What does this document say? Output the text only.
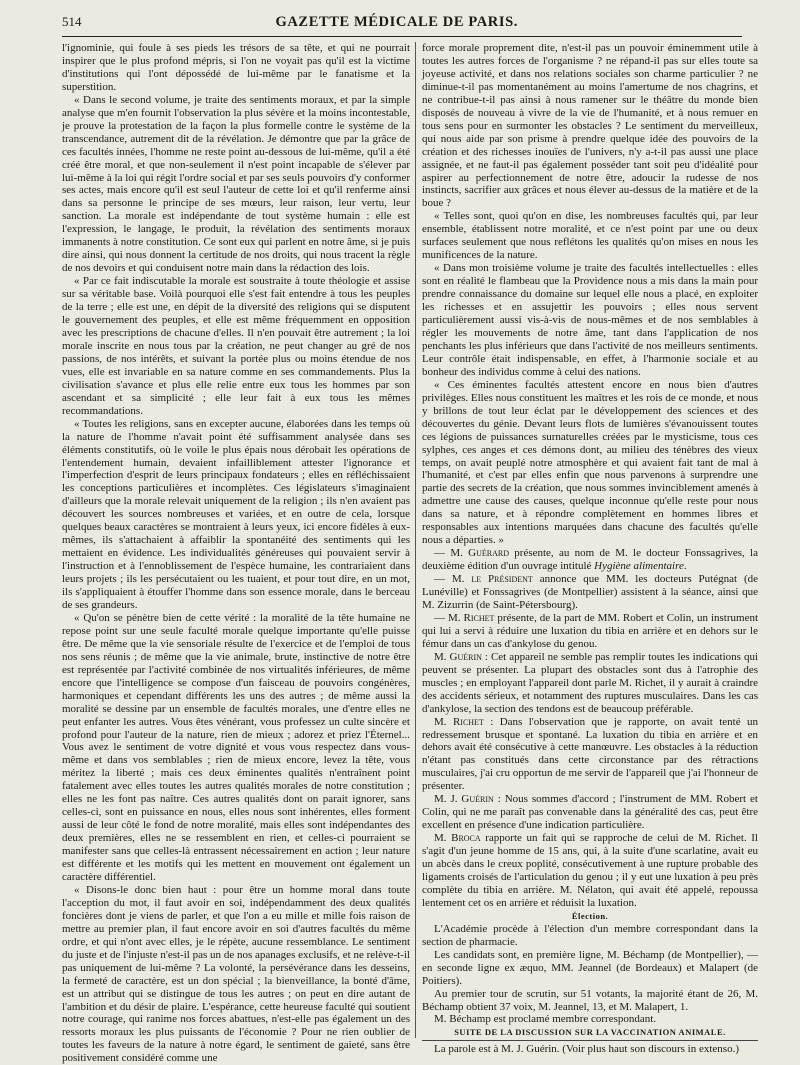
514	GAZETTE MÉDICALE DE PARIS.

l'ignominie, qui foule à ses pieds les trésors de sa tête, et qui ne pourrait inspirer que le plus profond mépris, si l'on ne voyait pas qu'il est la victime d'institutions qui l'ont dépossédé de lui-même par le fanatisme et la superstition.

« Dans le second volume, je traite des sentiments moraux, et par la simple analyse que m'en fournit l'observation la plus sévère et la moins incontestable, je prouve la protestation de la façon la plus formelle contre le système de la transcendance, autrement dit de la révélation. Je démontre que par la grâce de ces facultés innées, l'homme ne reste point au-dessous de lui-même, qu'il a été créé être moral, et que non-seulement il n'est point incapable de s'élever par lui-même à la loi qui régit l'ordre social et par ses seuls pouvoirs d'y conformer ses actes, mais encore qu'il est seul l'auteur de cette loi et qu'il renferme ainsi dans sa personne le principe de ses mœurs, leur raison, leur vertu, leur sanction. La morale est indépendante de tout système humain : elle est l'expression, le langage, le produit, la révélation des sentiments moraux immanents à notre constitution. Ce sont eux qui parlent en notre âme, si je puis dire ainsi, qui nous donnent la certitude de nos droits, qui nous tracent la règle de nos devoirs et qui conduisent notre main dans la rédaction des lois.

« Par ce fait indiscutable la morale est soustraite à toute théologie et assise sur sa véritable base. Voilà pourquoi elle s'est fait entendre à tous les peuples de la terre ; elle est une, en dépit de la diversité des religions qui se disputent le gouvernement des peuples, et elle est même fréquemment en opposition avec les prescriptions de chacune d'elles. Il n'en pouvait être autrement ; la loi morale inscrite en nous tous par la création, ne peut changer au gré de nos passions, de nos intérêts, et suivant la portée plus ou moins étendue de nos vues, elle est invariable en sa nature comme en ses commandements. Plus la civilisation s'avance et plus elle relie entre eux tous les hommes par son ascendant et sa simplicité ; elle leur fait à eux tous les mêmes recommandations.

« Toutes les religions, sans en excepter aucune, élaborées dans les temps où la nature de l'homme n'avait point été suffisamment analysée dans ses éléments constitutifs, où le voile le plus épais nous dérobait les opérations de l'entendement humain, devaient infailliblement attester l'ignorance et l'imperfection d'esprit de leurs principaux fondateurs ; elles en réfléchissaient les conceptions particulières et incomplètes. Ces législateurs s'imaginaient d'ailleurs que la morale relevait uniquement de la religion ; ils n'en avaient pas découvert les sources nombreuses et variées, et en outre de cela, lorsque quelques beaux caractères se montraient à leurs yeux, ici encore fidèles à eux-mêmes, ils s'attachaient à affaiblir la spontanéité des sentiments qui les mettaient en évidence. Les individualités généreuses qui pouvaient servir à l'instruction et à l'ennoblissement de l'espèce humaine, les contrariaient dans leurs projets ; ils les persécutaient ou les tuaient, et pour tout dire, en un mot, ils s'appliquaient à étouffer l'homme dans son essence morale, dans le berceau de ses grandeurs.

« Qu'on se pénètre bien de cette vérité : la moralité de la tête humaine ne repose point sur une seule faculté morale quelque importante qu'elle puisse être. De même que la vie sensoriale résulte de l'exercice et de l'emploi de tous nos sens réunis ; de même que la vie animale, brute, instinctive de notre être est représentée par l'activité combinée de nos virtualités inférieures, de même encore que l'intelligence se compose d'un faisceau de pouvoirs congénères, harmoniques et cependant différents les uns des autres ; de même aussi la moralité se dessine par un ensemble de facultés morales, une d'entre elles ne peut enfanter les autres. Vous êtes vénérant, vous professez un culte sincère et profond pour l'auteur de la nature, rien de mieux ; adorez et priez l'Éternel... Vous avez le sentiment de votre dignité et vous vous respectez dans vous-même et dans vos semblables ; rien de mieux encore, levez la tête, vous méritez la liberté ; mais ces deux éminentes qualités n'entraînent point fatalement avec elles toutes les autres qualités morales de notre constitution ; elles ne les font pas naître. Ces autres qualités dont on parait ignorer, sans celles-ci, sont en puissance en nous, elles nous sont inhérentes, elles forment aussi de leur côté le fond de notre moralité, mais elles sont indépendantes des deux premières, elles ne se ressemblent en rien, et celles-ci pourraient se manifester sans que celles-là entrassent nécessairement en action ; leur nature est différente et les motifs qui les mettent en mouvement ont également un caractère différentiel.

« Disons-le donc bien haut : pour être un homme moral dans toute l'acception du mot, il faut avoir en soi, indépendamment des deux qualités foncières dont je viens de parler, et que l'on a eu mille et mille fois raison de mettre au premier plan, il faut encore avoir en soi d'autres facultés du même ordre, et qui n'ont avec elles, je le répète, aucune ressemblance. Le sentiment du juste et de l'injuste n'est-il pas un de nos apanages exclusifs, et ne relève-t-il pas uniquement de lui-même ? La volonté, la persévérance dans les desseins, la fermeté de caractère, est un don spécial ; la bienveillance, la bonté d'âme, est un attribut qui se distingue de tous les autres ; on peut en dire autant de l'ambition et du désir de plaire. L'espérance, cette heureuse faculté qui soutient notre courage, qui ranime nos forces abattues, n'est-elle pas également un des ressorts moraux les plus puissants de l'économie ? Pour ne rien oublier de toutes les faveurs de la nature à notre égard, le sentiment de gaieté, sans être positivement considéré comme une

force morale proprement dite, n'est-il pas un pouvoir éminemment utile à toutes les autres forces de l'organisme ? ne répand-il pas sur elles toute sa joyeuse activité, et dans nos relations sociales son charme particulier ? ne diminue-t-il pas momentanément au moins l'amertume de nos chagrins, et ne contribue-t-il pas ainsi à nous ramener sur le théâtre du monde bien disposés de nouveau à vivre de la vie de l'humanité, et à nous remuer en tous sens pour en surmonter les obstacles ? Le sentiment du merveilleux, qui nous aide par son prisme à prendre quelque idée des pouvoirs de la création et des richesses inouïes de l'univers, n'y a-t-il pas aussi une place assignée, et ne faut-il pas également posséder tant soit peu d'idéalité pour aspirer au perfectionnement de notre être, adoucir la rudesse de nos instincts, sacrifier aux grâces et nous élever au-dessus de la matière et de la boue ?

« Telles sont, quoi qu'on en dise, les nombreuses facultés qui, par leur ensemble, établissent notre moralité, et ce n'est point par une ou deux surfaces seulement que nous reflétons les qualités qu'on mises en nous les munificences de la nature.

« Dans mon troisième volume je traite des facultés intellectuelles : elles sont en réalité le flambeau que la Providence nous a mis dans la main pour prendre connaissance du domaine sur lequel elle nous a placé, en exploiter les richesses et en assujettir les pouvoirs ; elles nous servent particulièrement aussi vis-à-vis de nous-mêmes et de nos semblables à régler les mouvements de notre âme, tant dans l'application de nos penchants les plus inférieurs que dans l'activité de nos meilleurs sentiments. Leur contrôle était indispensable, en effet, à l'harmonie sociale et au bonheur des individus comme à celui des nations.

« Ces éminentes facultés attestent encore en nous bien d'autres privilèges. Elles nous constituent les maîtres et les rois de ce monde, et nous y brillons de tout leur éclat par le développement des sciences et des découvertes du génie. Devant leurs flots de lumières s'évanouissent toutes ces légions de puissances surnaturelles créées par le mysticisme, tous ces sylphes, ces anges et ces démons dont, au milieu des ténèbres des vieux temps, on avait peuplé notre atmosphère et qui avaient fait tant de mal à l'humanité, et c'est par elles enfin que nous parvenons à surprendre une partie des secrets de la création, que nous sommes invinciblement amenés à admettre une cause des causes, quelque inconnue qu'elle reste pour nous dans sa nature, et à répondre complètement en hommes libres et responsables aux intentions marquées dans chacune des facultés qu'elle nous a départies. »

— M. Guérard présente, au nom de M. le docteur Fonssagrives, la deuxième édition d'un ouvrage intitulé Hygiène alimentaire.

— M. le Président annonce que MM. les docteurs Putégnat (de Lunéville) et Fonssagrives (de Montpellier) assistent à la séance, ainsi que M. Zizurrin (de Saint-Pétersbourg).

— M. Richet présente, de la part de MM. Robert et Colin, un instrument qui lui a servi à réduire une luxation du tibia en arrière et en dehors sur le fémur dans un cas d'ankylose du genou.

M. Guérin : Cet appareil ne semble pas remplir toutes les indications qui peuvent se présenter. La plupart des obstacles sont dus à l'atrophie des muscles ; en employant l'appareil dont parle M. Richet, il y aurait à craindre des accidents sérieux, et notamment des ruptures musculaires. Dans les cas d'ankylose, la section des tendons est de beaucoup préférable.

M. Richet : Dans l'observation que je rapporte, on avait tenté un redressement brusque et spontané. La luxation du tibia en arrière et en dehors avait été consécutive à cette manœuvre. Les obstacles à la réduction n'étant pas constitués dans cette circonstance par des rétractions musculaires, j'ai cru opportun de me servir de l'appareil que j'ai l'honneur de présenter.

M. J. Guérin : Nous sommes d'accord ; l'instrument de MM. Robert et Colin, qui ne me paraît pas convenable dans la généralité des cas, peut être excellent en présence d'une indication particulière.

M. Broca rapporte un fait qui se rapproche de celui de M. Richet. Il s'agit d'un jeune homme de 15 ans, qui, à la suite d'une scarlatine, avait eu un abcès dans le creux poplité, consécutivement à une rupture probable des ligaments croisés de l'articulation du genou ; il y eut une luxation à peu près complète du tibia en arrière. M. Nélaton, qui avait été appelé, repoussa lentement cet os en arrière et réduisit la luxation.

Élection.

L'Académie procède à l'élection d'un membre correspondant dans la section de pharmacie.

Les candidats sont, en première ligne, M. Béchamp (de Montpellier), — en seconde ligne ex æquo, MM. Jeannel (de Bordeaux) et Malapert (de Poitiers).

Au premier tour de scrutin, sur 51 votants, la majorité étant de 26, M. Béchamp obtient 37 voix, M. Jeannel, 13, et M. Malapert, 1.

M. Béchamp est proclamé membre correspondant.

SUITE DE LA DISCUSSION SUR LA VACCINATION ANIMALE.

La parole est à M. J. Guérin. (Voir plus haut son discours in extenso.)
